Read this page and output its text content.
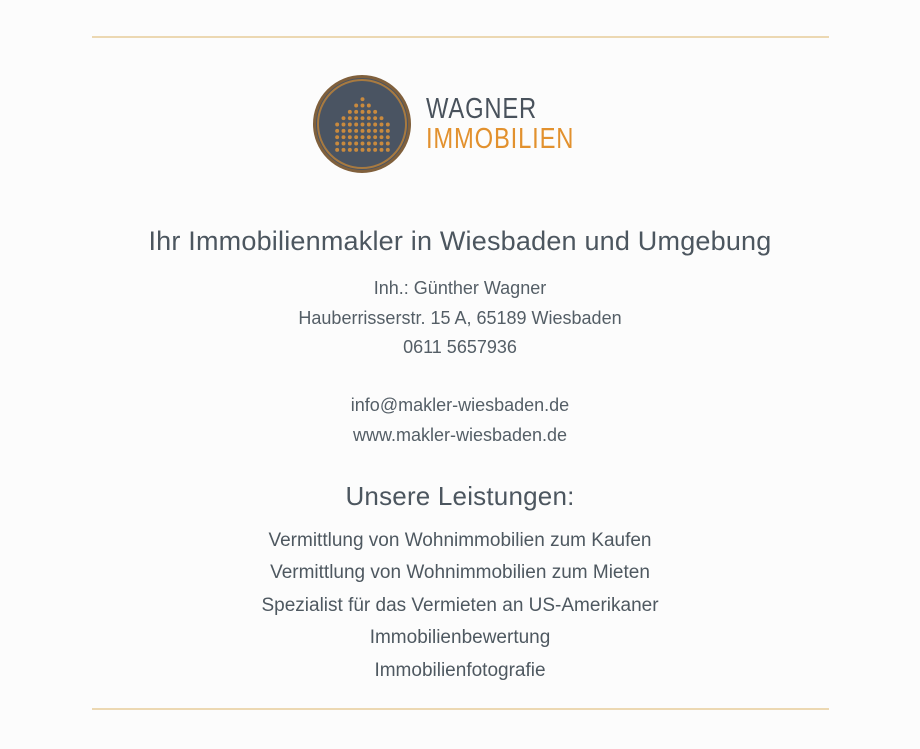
WAGNER
IMMOBILIEN
Ihr Immobilienmakler in Wiesbaden und Umgebung
Inh.: Günther Wagner
Hauberrisserstr. 15 A, 65189 Wiesbaden
0611 5657936
info@makler-wiesbaden.de
www.makler-wiesbaden.de
Unsere Leistungen:
Vermittlung von Wohnimmobilien zum Kaufen
Vermittlung von Wohnimmobilien zum Mieten
Spezialist für das Vermieten an US-Amerikaner
Immobilienbewertung
Immobilienfotografie
